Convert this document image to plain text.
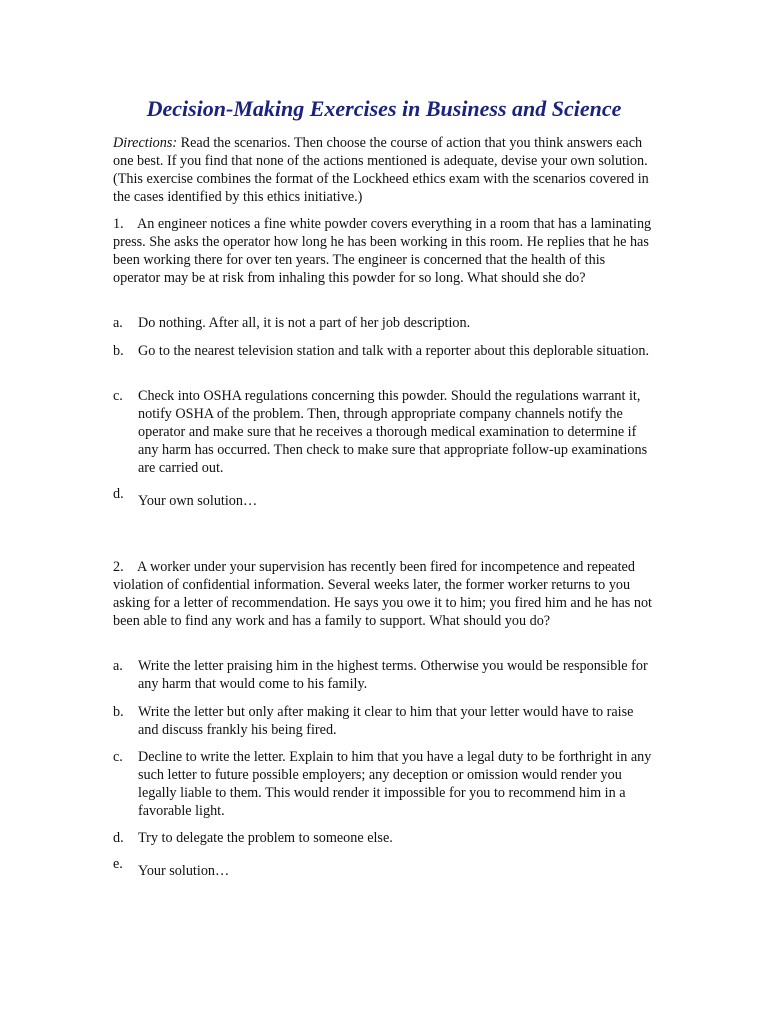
Decision-Making Exercises in Business and Science
Directions: Read the scenarios. Then choose the course of action that you think answers each one best. If you find that none of the actions mentioned is adequate, devise your own solution. (This exercise combines the format of the Lockheed ethics exam with the scenarios covered in the cases identified by this ethics initiative.)
1. An engineer notices a fine white powder covers everything in a room that has a laminating press. She asks the operator how long he has been working in this room. He replies that he has been working there for over ten years. The engineer is concerned that the health of this operator may be at risk from inhaling this powder for so long. What should she do?
a.	Do nothing. After all, it is not a part of her job description.
b.	Go to the nearest television station and talk with a reporter about this deplorable situation.
c.	Check into OSHA regulations concerning this powder. Should the regulations warrant it, notify OSHA of the problem. Then, through appropriate company channels notify the operator and make sure that he receives a thorough medical examination to determine if any harm has occurred. Then check to make sure that appropriate follow-up examinations are carried out.
d.	Your own solution…
2. A worker under your supervision has recently been fired for incompetence and repeated violation of confidential information. Several weeks later, the former worker returns to you asking for a letter of recommendation. He says you owe it to him; you fired him and he has not been able to find any work and has a family to support. What should you do?
a.	Write the letter praising him in the highest terms. Otherwise you would be responsible for any harm that would come to his family.
b.	Write the letter but only after making it clear to him that your letter would have to raise and discuss frankly his being fired.
c.	Decline to write the letter. Explain to him that you have a legal duty to be forthright in any such letter to future possible employers; any deception or omission would render you legally liable to them. This would render it impossible for you to recommend him in a favorable light.
d.	Try to delegate the problem to someone else.
e.	Your solution…
